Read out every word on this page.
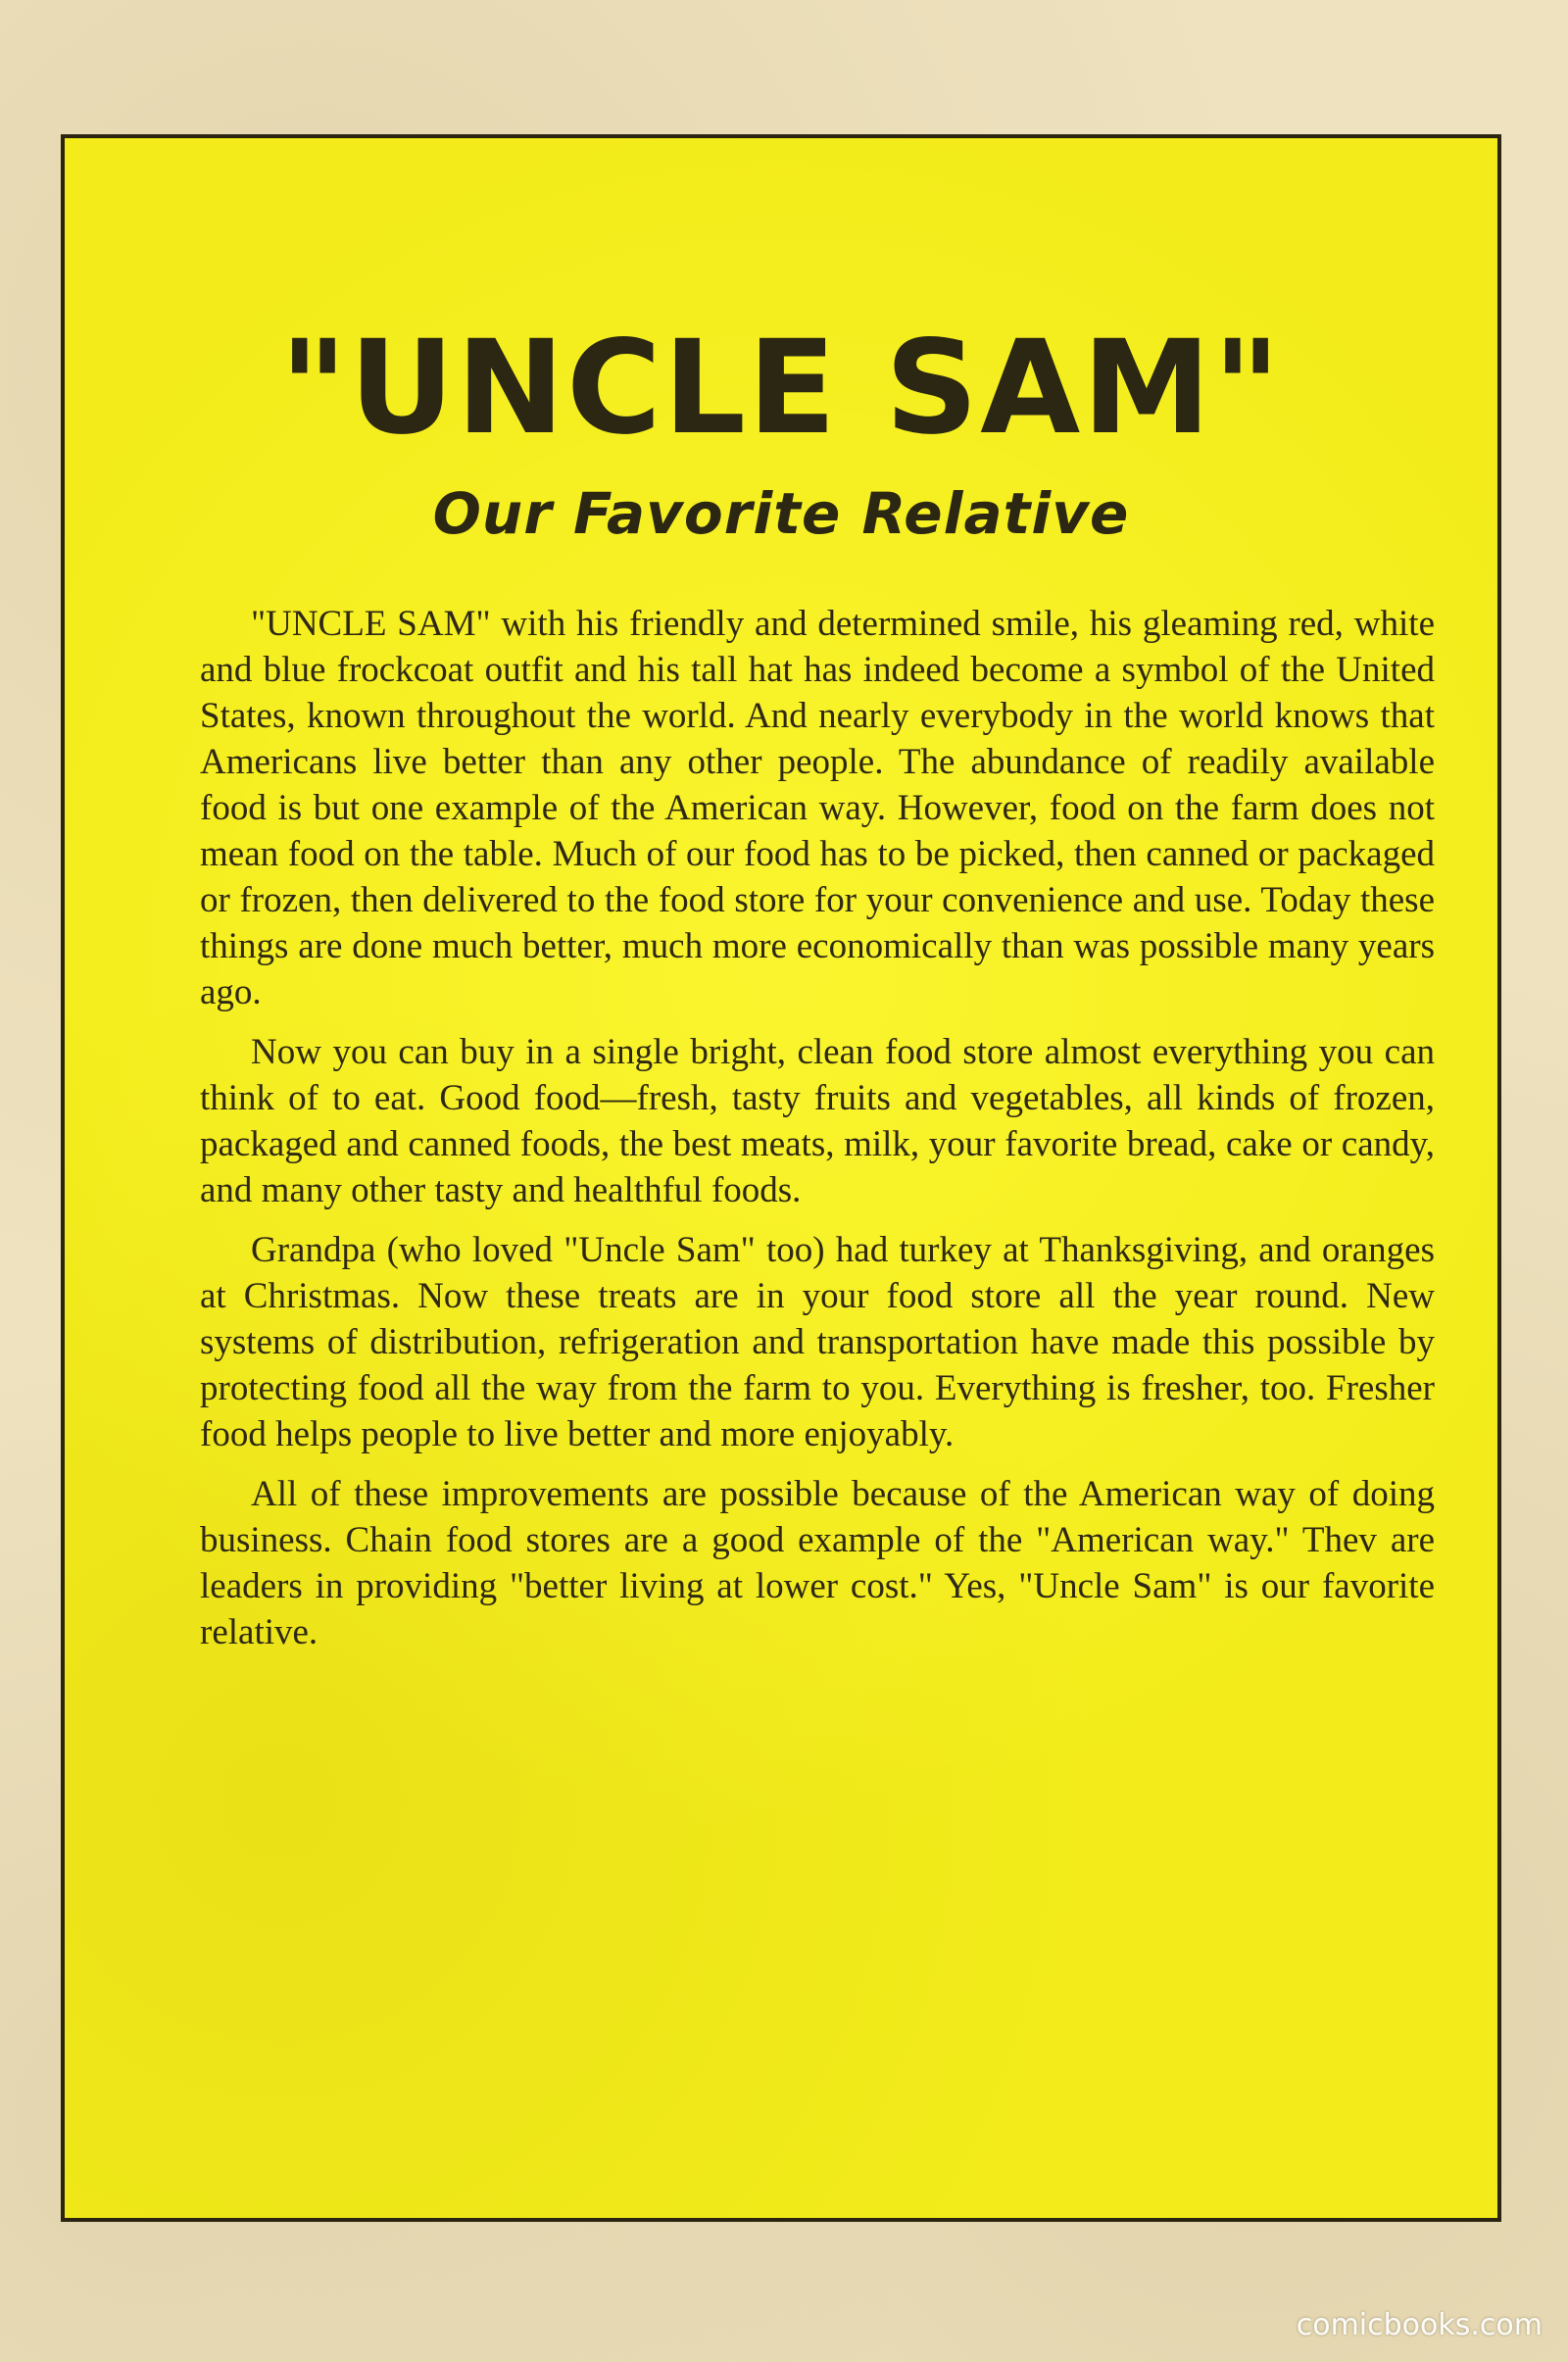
"UNCLE SAM"
Our Favorite Relative

"UNCLE SAM" with his friendly and determined smile, his gleaming red, white and blue frockcoat outfit and his tall hat has indeed become a symbol of the United States, known throughout the world. And nearly everybody in the world knows that Americans live better than any other people. The abundance of readily available food is but one example of the American way. However, food on the farm does not mean food on the table. Much of our food has to be picked, then canned or packaged or frozen, then delivered to the food store for your convenience and use. Today these things are done much better, much more economically than was possible many years ago.

Now you can buy in a single bright, clean food store almost everything you can think of to eat. Good food—fresh, tasty fruits and vegetables, all kinds of frozen, packaged and canned foods, the best meats, milk, your favorite bread, cake or candy, and many other tasty and healthful foods.

Grandpa (who loved "Uncle Sam" too) had turkey at Thanksgiving, and oranges at Christmas. Now these treats are in your food store all the year round. New systems of distribution, refrigeration and transportation have made this possible by protecting food all the way from the farm to you. Everything is fresher, too. Fresher food helps people to live better and more enjoyably.

All of these improvements are possible because of the American way of doing business. Chain food stores are a good example of the "American way." Thev are leaders in providing "better living at lower cost." Yes, "Uncle Sam" is our favorite relative.

comicbooks.com
